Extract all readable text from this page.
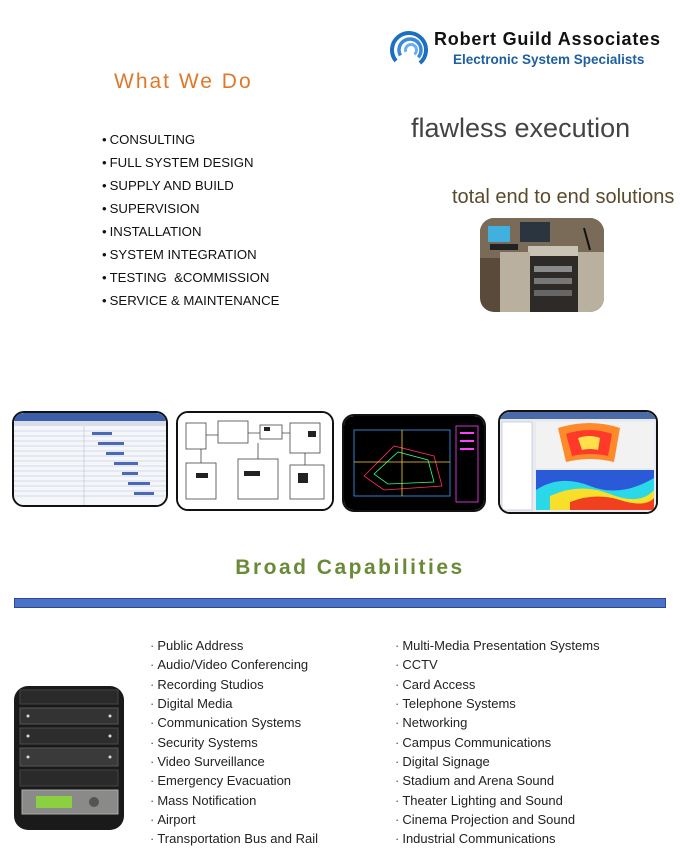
Robert Guild Associates
Electronic System Specialists
What We Do
• CONSULTING
• FULL SYSTEM DESIGN
• SUPPLY AND BUILD
• SUPERVISION
• INSTALLATION
• SYSTEM INTEGRATION
• TESTING  &COMMISSION
• SERVICE & MAINTENANCE
flawless execution
total end to end solutions
Broad Capabilities
· Public Address
· Audio/Video Conferencing
· Recording Studios
· Digital Media
· Communication Systems
· Security Systems
· Video Surveillance
· Emergency Evacuation
· Mass Notification
· Airport
· Transportation Bus and Rail
· Multi-Media Presentation Systems
· CCTV
· Card Access
· Telephone Systems
· Networking
· Campus Communications
· Digital Signage
· Stadium and Arena Sound
· Theater Lighting and Sound
· Cinema Projection and Sound
· Industrial Communications
